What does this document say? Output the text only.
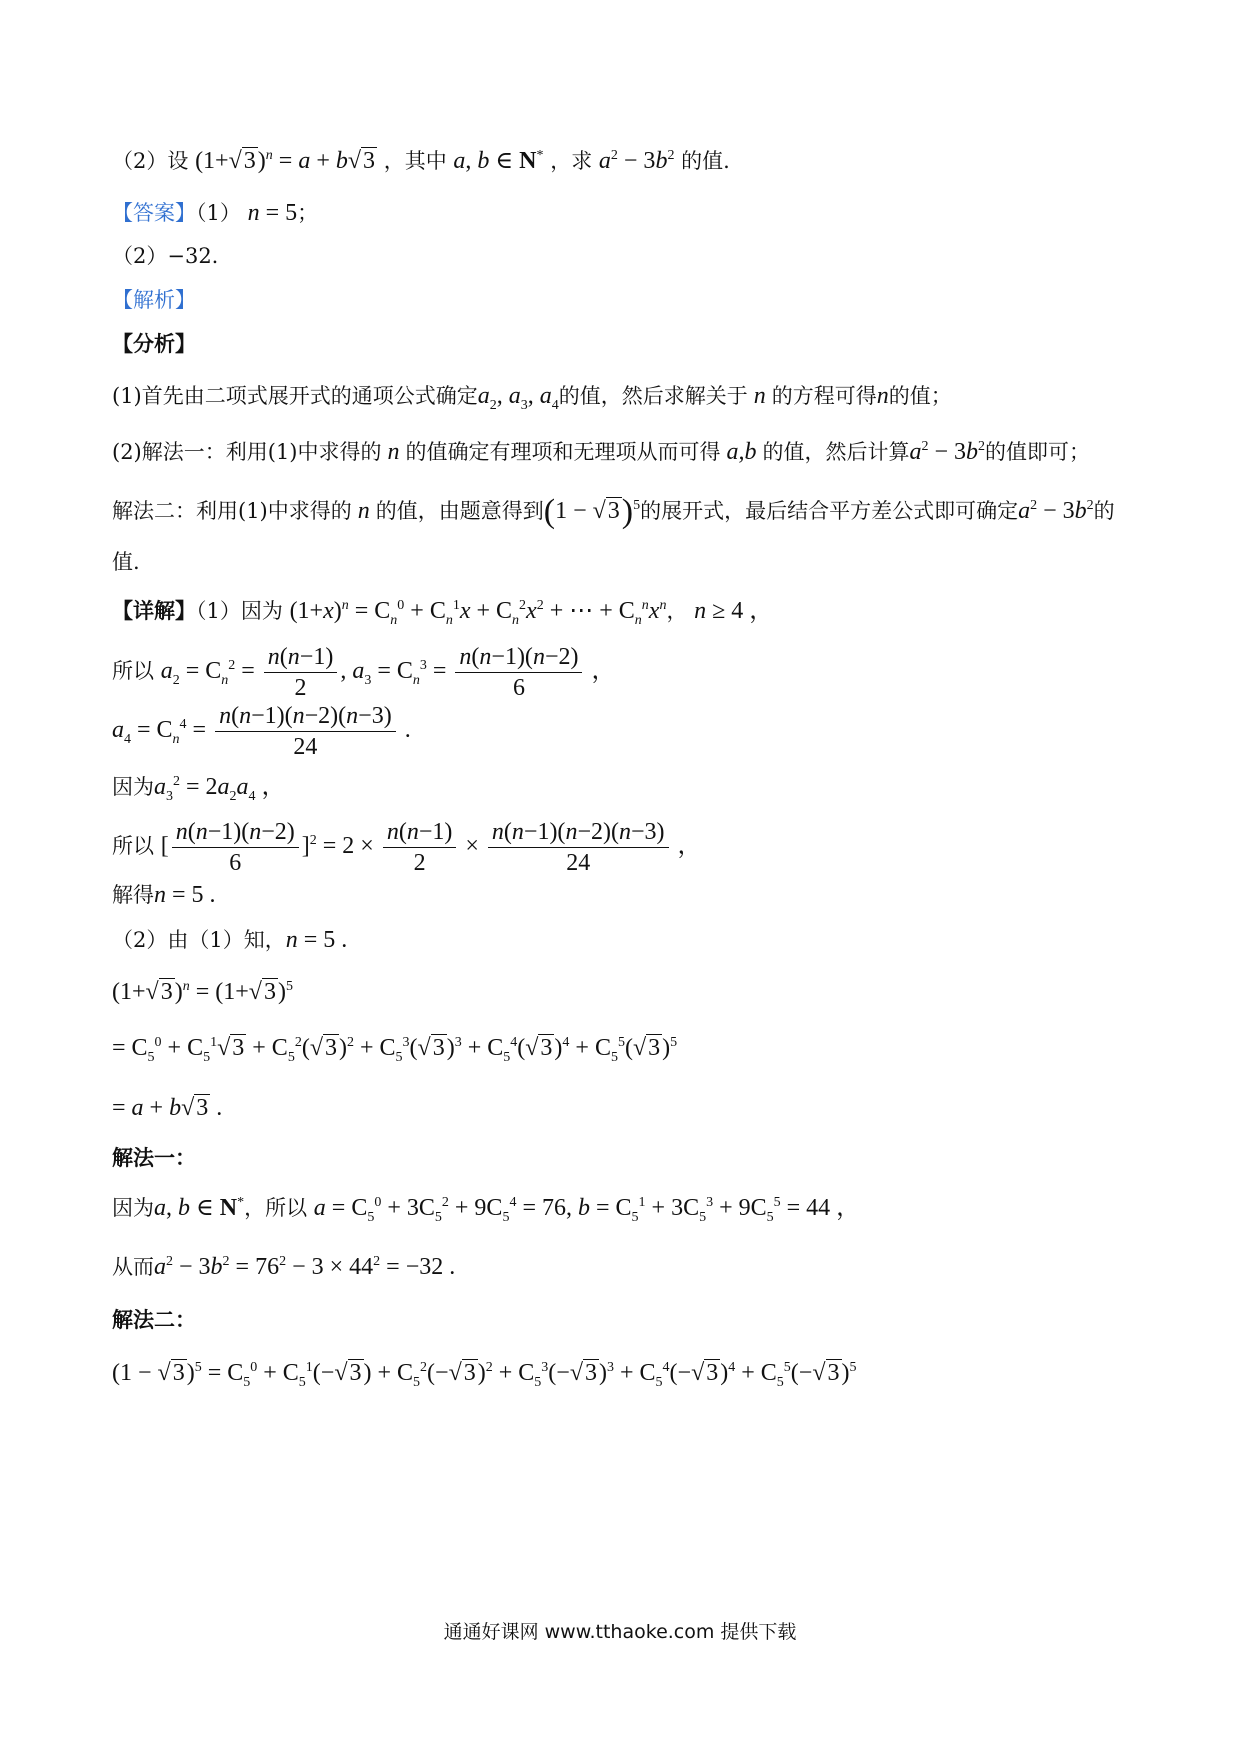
（2）设 $(1+√3)^n = a + b√3$ ，其中 a, b ∈ N* ，求 $a^2 - 3b^2$ 的值.
【答案】（1） n = 5；
（2）−32.
【解析】
【分析】
(1)首先由二项式展开式的通项公式确定$a_2$, $a_3$, $a_4$的值，然后求解关于 n 的方程可得n的值；
(2)解法一：利用(1)中求得的 n 的值确定有理项和无理项从而可得 a,b 的值，然后计算$a^2 - 3b^2$的值即可；
解法二：利用(1)中求得的 n 的值，由题意得到$(1 - √3)^5$的展开式，最后结合平方差公式即可确定$a^2 - 3b^2$的
值.
【详解】（1）因为 $(1+x)^n = C_n^0 + C_n^1x + C_n^2x^2$ + ⋯ + $C_n^nx^n$， n ≥ 4 ，
所以 $a_2 = C_n^2 = \frac{n(n-1)}{2}$ , $a_3 = C_n^3 = \frac{n(n-1)(n-2)}{6}$ ，
$a_4 = C_n^4 = \frac{n(n-1)(n-2)(n-3)}{24}$ .
因为$a_3^2 = 2a_2a_4$ ，
所以 [ $\frac{n(n-1)(n-2)}{6} ]^2 = 2 \times \frac{n(n-1)}{2} \times \frac{n(n-1)(n-2)(n-3)}{24}$ ，
解得n = 5 .
（2）由（1）知，n = 5 .
$(1+√3)^n = (1+√3)^5$
= $C_5^0 + C_5^1√3 + C_5^2(√3)^2 + C_5^3(√3)^3 + C_5^4(√3)^4 + C_5^5(√3)^5$
= a + b√3 .
解法一：
因为a, b ∈ N*，所以 $a = C_5^0 + 3C_5^2 + 9C_5^4 = 76$, $b = C_5^1 + 3C_5^3 + 9C_5^5 = 44$ ，
从而$a^2 - 3b^2 = 76^2 - 3 \times 44^2 = -32$ .
解法二：
$(1 - √3)^5 = C_5^0 + C_5^1(-√3) + C_5^2(-√3)^2 + C_5^3(-√3)^3 + C_5^4(-√3)^4 + C_5^5(-√3)^5$
通通好课网 www.tthaoke.com 提供下载
